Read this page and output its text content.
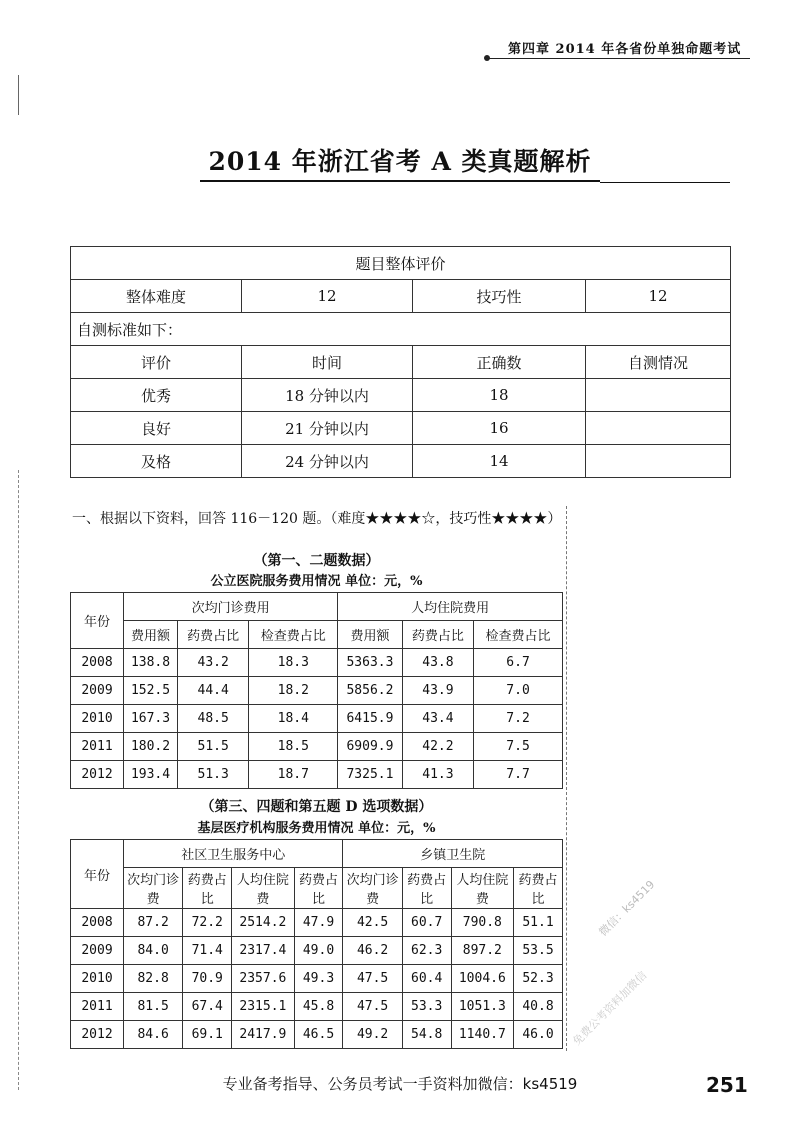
第四章 2014 年各省份单独命题考试
2014 年浙江省考 A 类真题解析
题目整体评价			
整体难度	12	技巧性	12
自测标准如下：			
评价	时间	正确数	自测情况
优秀	18 分钟以内	18	
良好	21 分钟以内	16	
及格	24 分钟以内	14	
一、根据以下资料，回答 116－120 题。（难度★★★★☆，技巧性★★★★）
（第一、二题数据）
公立医院服务费用情况 单位：元，%
年份	次均门诊费用			人均住院费用		
	费用额	药费占比	检查费占比	费用额	药费占比	检查费占比
2008	138.8	43.2	18.3	5363.3	43.8	6.7
2009	152.5	44.4	18.2	5856.2	43.9	7.0
2010	167.3	48.5	18.4	6415.9	43.4	7.2
2011	180.2	51.5	18.5	6909.9	42.2	7.5
2012	193.4	51.3	18.7	7325.1	41.3	7.7
（第三、四题和第五题 D 选项数据）
基层医疗机构服务费用情况 单位：元，%
年份	社区卫生服务中心				乡镇卫生院			
	次均门诊费	药费占比	人均住院费	药费占比	次均门诊费	药费占比	人均住院费	药费占比
2008	87.2	72.2	2514.2	47.9	42.5	60.7	790.8	51.1
2009	84.0	71.4	2317.4	49.0	46.2	62.3	897.2	53.5
2010	82.8	70.9	2357.6	49.3	47.5	60.4	1004.6	52.3
2011	81.5	67.4	2315.1	45.8	47.5	53.3	1051.3	40.8
2012	84.6	69.1	2417.9	46.5	49.2	54.8	1140.7	46.0
微信：ks4519
免费公考资料加微信
专业备考指导、公务员考试一手资料加微信：ks4519	251
